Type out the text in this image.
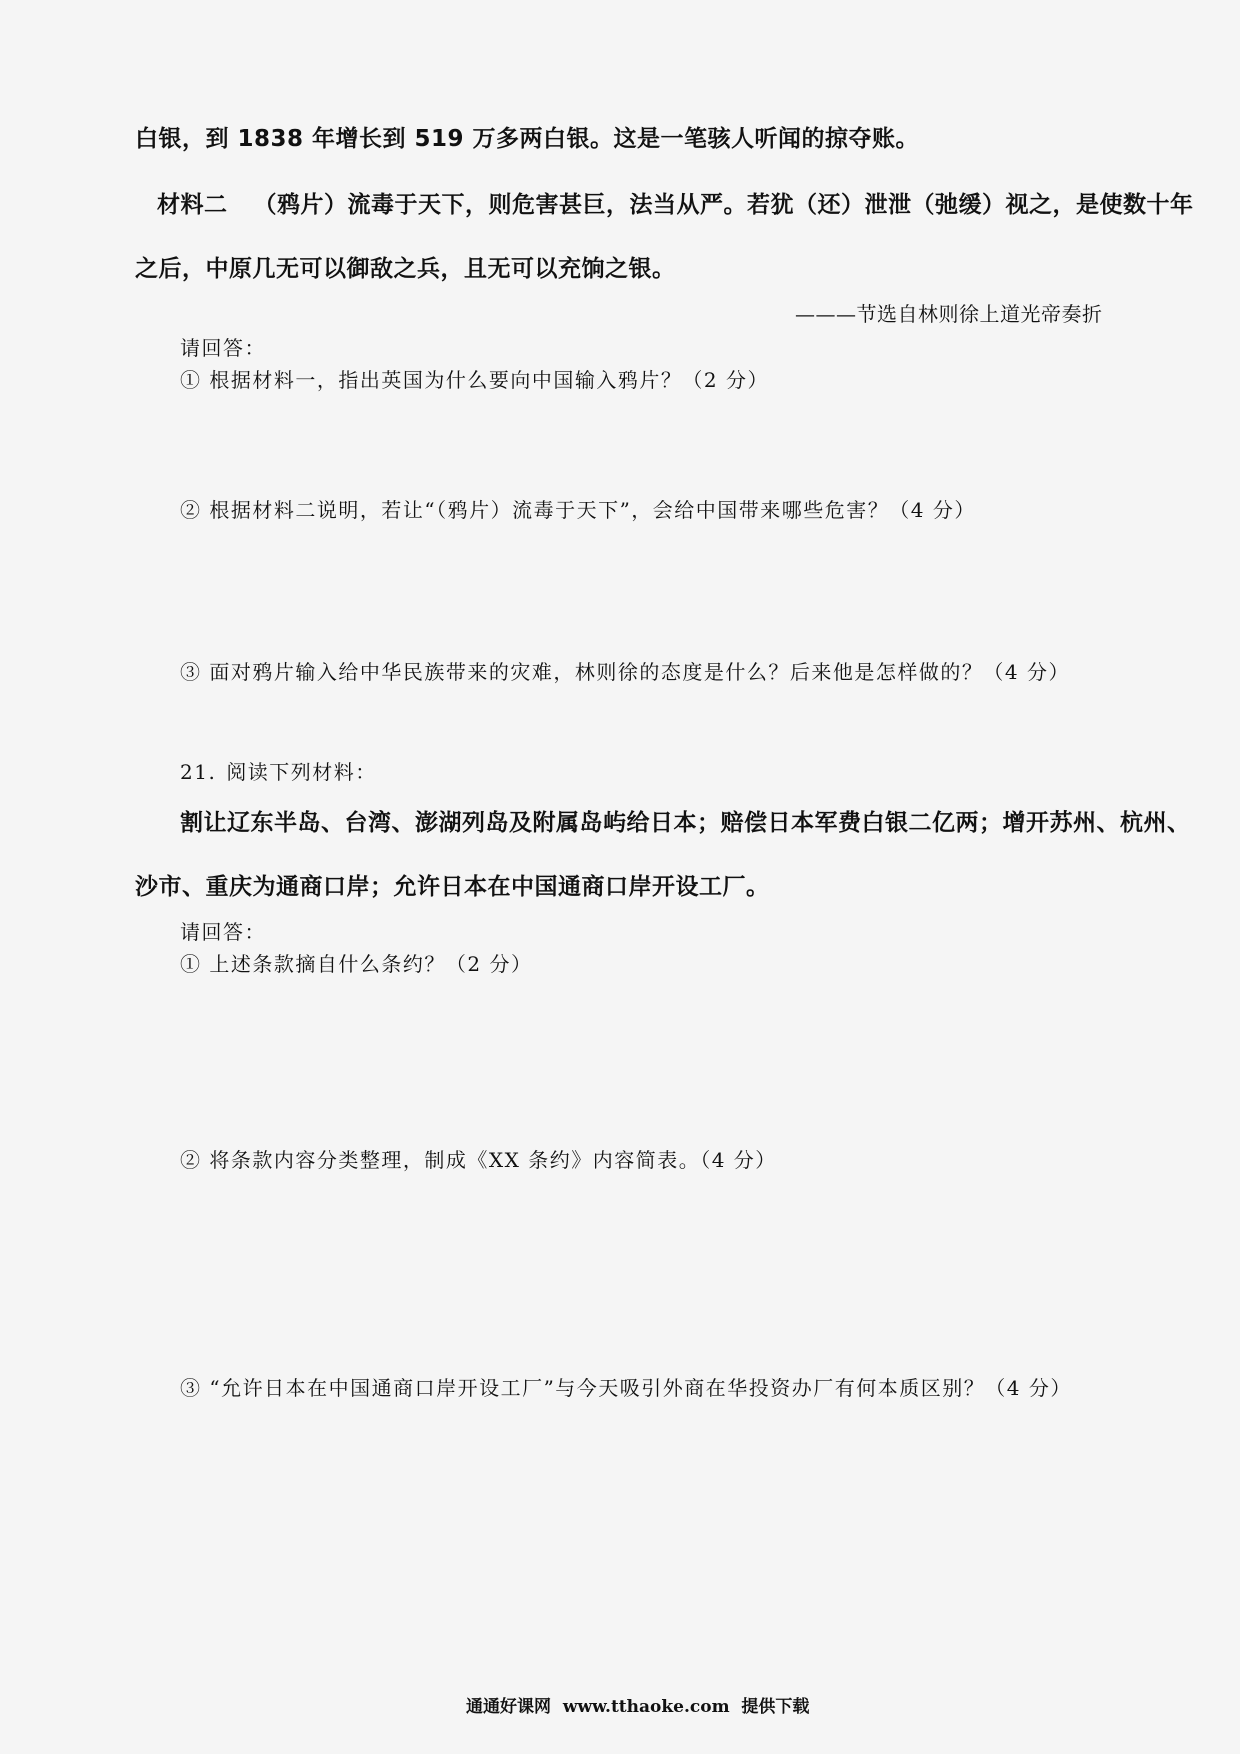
白银，到 1838 年增长到 519 万多两白银。这是一笔骇人听闻的掠夺账。
材料二 （鸦片）流毒于天下，则危害甚巨，法当从严。若犹（还）泄泄（弛缓）视之，是使数十年
之后，中原几无可以御敌之兵，且无可以充饷之银。
———节选自林则徐上道光帝奏折
请回答：
① 根据材料一，指出英国为什么要向中国输入鸦片？（2 分）
② 根据材料二说明，若让“（鸦片）流毒于天下”，会给中国带来哪些危害？（4 分）
③ 面对鸦片输入给中华民族带来的灾难，林则徐的态度是什么？后来他是怎样做的？（4 分）
21. 阅读下列材料：
割让辽东半岛、台湾、澎湖列岛及附属岛屿给日本；赔偿日本军费白银二亿两；增开苏州、杭州、
沙市、重庆为通商口岸；允许日本在中国通商口岸开设工厂。
请回答：
① 上述条款摘自什么条约？（2 分）
② 将条款内容分类整理，制成《XX 条约》内容简表。（4 分）
③ “允许日本在中国通商口岸开设工厂”与今天吸引外商在华投资办厂有何本质区别？（4 分）
通通好课网 www.tthaoke.com 提供下载
